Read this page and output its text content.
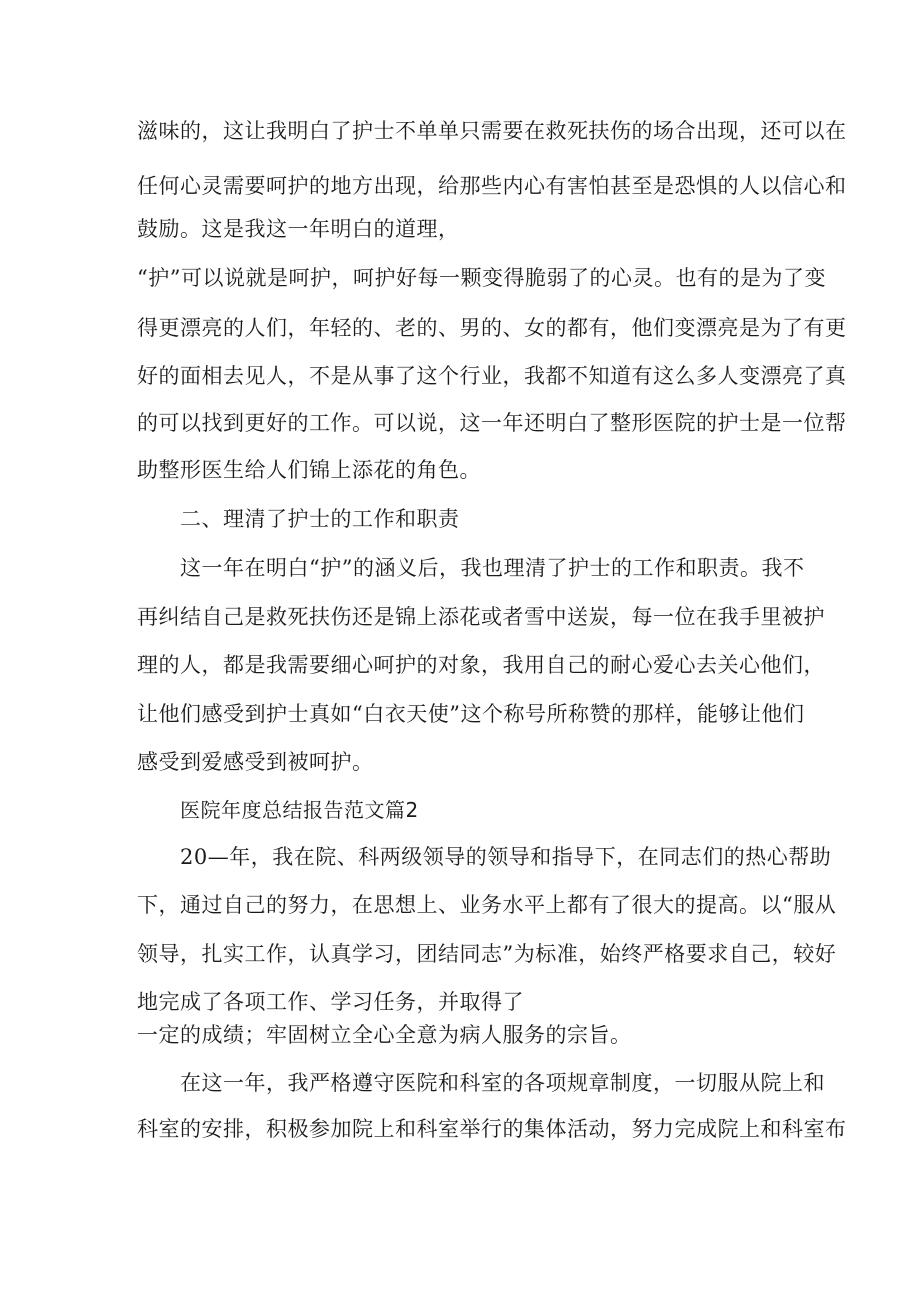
滋味的，这让我明白了护士不单单只需要在救死扶伤的场合出现，还可以在
任何心灵需要呵护的地方出现，给那些内心有害怕甚至是恐惧的人以信心和
鼓励。这是我这一年明白的道理，
“护”可以说就是呵护，呵护好每一颗变得脆弱了的心灵。也有的是为了变
得更漂亮的人们，年轻的、老的、男的、女的都有，他们变漂亮是为了有更
好的面相去见人，不是从事了这个行业，我都不知道有这么多人变漂亮了真
的可以找到更好的工作。可以说，这一年还明白了整形医院的护士是一位帮
助整形医生给人们锦上添花的角色。
二、理清了护士的工作和职责
这一年在明白“护”的涵义后，我也理清了护士的工作和职责。我不
再纠结自己是救死扶伤还是锦上添花或者雪中送炭，每一位在我手里被护
理的人，都是我需要细心呵护的对象，我用自己的耐心爱心去关心他们，
让他们感受到护士真如“白衣天使”这个称号所称赞的那样，能够让他们
感受到爱感受到被呵护。
医院年度总结报告范文篇2
20—年，我在院、科两级领导的领导和指导下，在同志们的热心帮助
下，通过自己的努力，在思想上、业务水平上都有了很大的提高。以“服从
领导，扎实工作，认真学习，团结同志”为标准，始终严格要求自己，较好
地完成了各项工作、学习任务，并取得了
一定的成绩；牢固树立全心全意为病人服务的宗旨。
在这一年，我严格遵守医院和科室的各项规章制度，一切服从院上和
科室的安排，积极参加院上和科室举行的集体活动，努力完成院上和科室布
